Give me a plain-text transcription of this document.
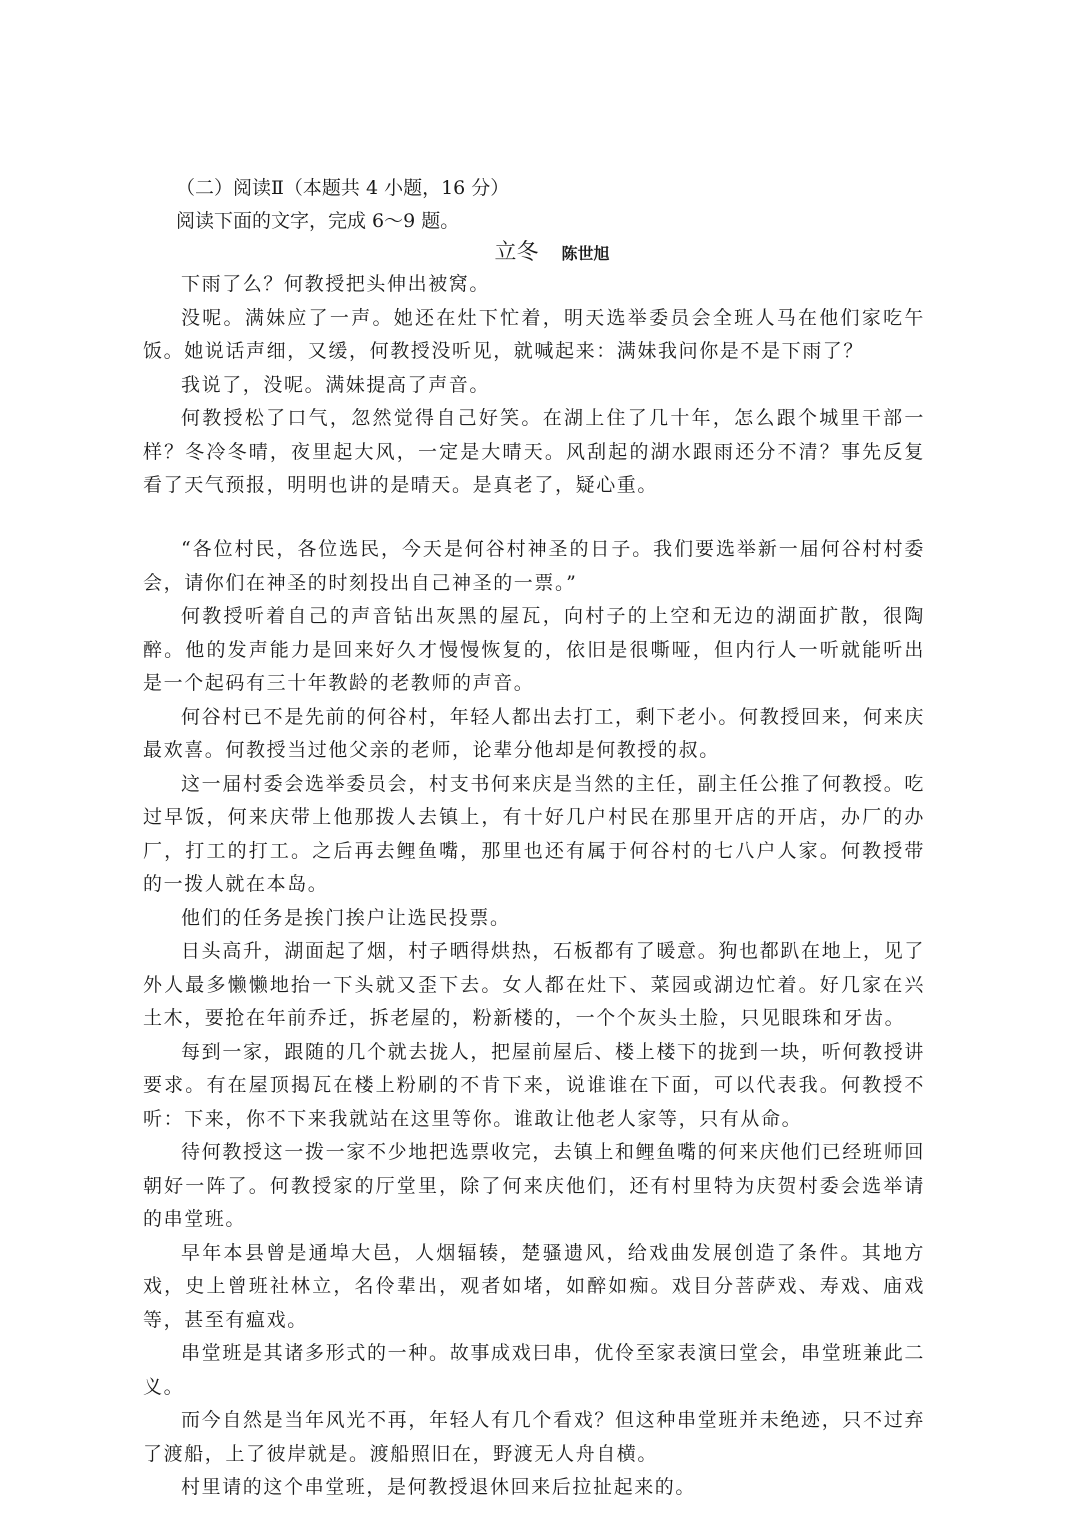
（二）阅读Ⅱ（本题共 4 小题，16 分）
阅读下面的文字，完成 6～9 题。
立冬 陈世旭

下雨了么？何教授把头伸出被窝。

没呢。满妹应了一声。她还在灶下忙着，明天选举委员会全班人马在他们家吃午饭。她说话声细，又缓，何教授没听见，就喊起来：满妹我问你是不是下雨了？

我说了，没呢。满妹提高了声音。

何教授松了口气，忽然觉得自己好笑。在湖上住了几十年，怎么跟个城里干部一样？冬冷冬晴，夜里起大风，一定是大晴天。风刮起的湖水跟雨还分不清？事先反复看了天气预报，明明也讲的是晴天。是真老了，疑心重。

“各位村民，各位选民，今天是何谷村神圣的日子。我们要选举新一届何谷村村委会，请你们在神圣的时刻投出自己神圣的一票。”

何教授听着自己的声音钻出灰黑的屋瓦，向村子的上空和无边的湖面扩散，很陶醉。他的发声能力是回来好久才慢慢恢复的，依旧是很嘶哑，但内行人一听就能听出是一个起码有三十年教龄的老教师的声音。

何谷村已不是先前的何谷村，年轻人都出去打工，剩下老小。何教授回来，何来庆最欢喜。何教授当过他父亲的老师，论辈分他却是何教授的叔。

这一届村委会选举委员会，村支书何来庆是当然的主任，副主任公推了何教授。吃过早饭，何来庆带上他那拨人去镇上，有十好几户村民在那里开店的开店，办厂的办厂，打工的打工。之后再去鲤鱼嘴，那里也还有属于何谷村的七八户人家。何教授带的一拨人就在本岛。

他们的任务是挨门挨户让选民投票。

日头高升，湖面起了烟，村子晒得烘热，石板都有了暖意。狗也都趴在地上，见了外人最多懒懒地抬一下头就又歪下去。女人都在灶下、菜园或湖边忙着。好几家在兴土木，要抢在年前乔迁，拆老屋的，粉新楼的，一个个灰头土脸，只见眼珠和牙齿。

每到一家，跟随的几个就去拢人，把屋前屋后、楼上楼下的拢到一块，听何教授讲要求。有在屋顶揭瓦在楼上粉刷的不肯下来，说谁谁在下面，可以代表我。何教授不听：下来，你不下来我就站在这里等你。谁敢让他老人家等，只有从命。

待何教授这一拨一家不少地把选票收完，去镇上和鲤鱼嘴的何来庆他们已经班师回朝好一阵了。何教授家的厅堂里，除了何来庆他们，还有村里特为庆贺村委会选举请的串堂班。

早年本县曾是通埠大邑，人烟辐辏，楚骚遗风，给戏曲发展创造了条件。其地方戏，史上曾班社林立，名伶辈出，观者如堵，如醉如痴。戏目分菩萨戏、寿戏、庙戏等，甚至有瘟戏。

串堂班是其诸多形式的一种。故事成戏曰串，优伶至家表演曰堂会，串堂班兼此二义。

而今自然是当年风光不再，年轻人有几个看戏？但这种串堂班并未绝迹，只不过弃了渡船，上了彼岸就是。渡船照旧在，野渡无人舟自横。

村里请的这个串堂班，是何教授退休回来后拉扯起来的。
